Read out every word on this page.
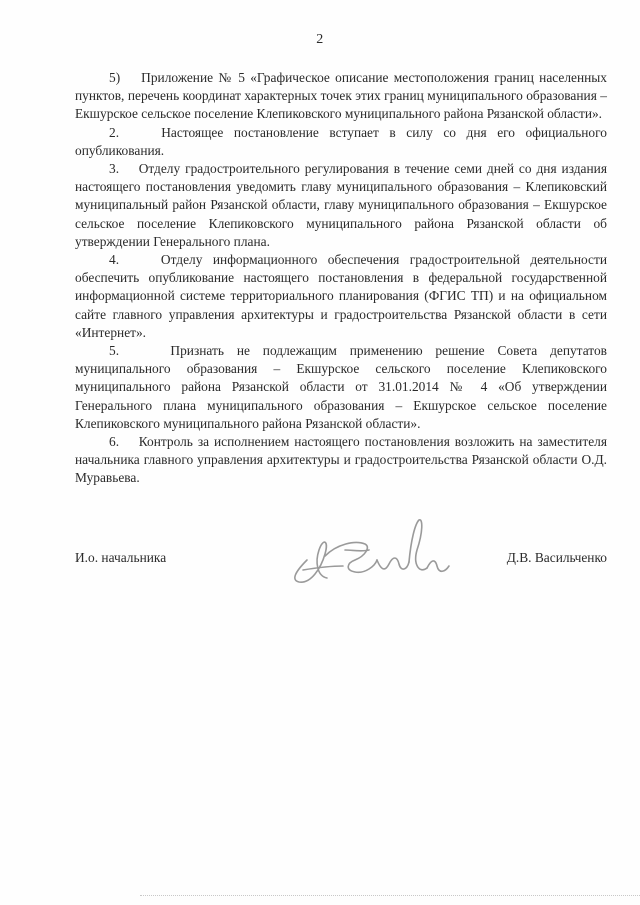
2

5)    Приложение № 5 «Графическое описание местоположения границ населенных пунктов, перечень координат характерных точек этих границ муниципального образования – Екшурское сельское поселение Клепиковского муниципального района Рязанской области».

2.    Настоящее постановление вступает в силу со дня его официального опубликования.

3.    Отделу градостроительного регулирования в течение семи дней со дня издания настоящего постановления уведомить главу муниципального образования – Клепиковский муниципальный район Рязанской области, главу муниципального образования – Екшурское сельское поселение Клепиковского муниципального района Рязанской области об утверждении Генерального плана.

4.    Отделу информационного обеспечения градостроительной деятельности обеспечить опубликование настоящего постановления в федеральной государственной информационной системе территориального планирования (ФГИС ТП) и на официальном сайте главного управления архитектуры и градостроительства Рязанской области в сети «Интернет».

5.    Признать не подлежащим применению решение Совета депутатов муниципального образования – Екшурское сельского поселение Клепиковского муниципального района Рязанской области от 31.01.2014 № 4 «Об утверждении Генерального плана муниципального образования – Екшурское сельское поселение Клепиковского муниципального района Рязанской области».

6.    Контроль за исполнением настоящего постановления возложить на заместителя начальника главного управления архитектуры и градостроительства Рязанской области О.Д. Муравьева.

И.о. начальника	Д.В. Васильченко
